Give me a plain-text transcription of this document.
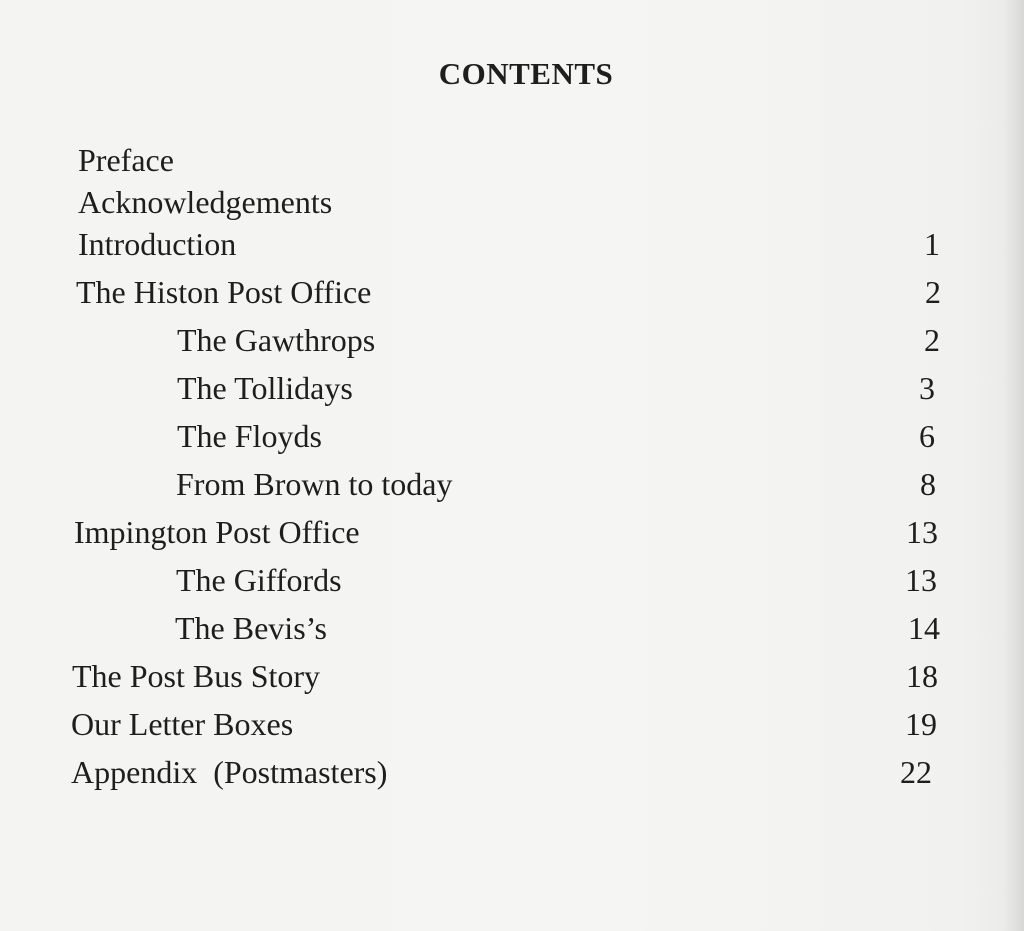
CONTENTS
Preface
Acknowledgements
Introduction	1
The Histon Post Office	2
The Gawthrops	2
The Tollidays	3
The Floyds	6
From Brown to today	8
Impington Post Office	13
The Giffords	13
The Bevis’s	14
The Post Bus Story	18
Our Letter Boxes	19
Appendix  (Postmasters)	22
